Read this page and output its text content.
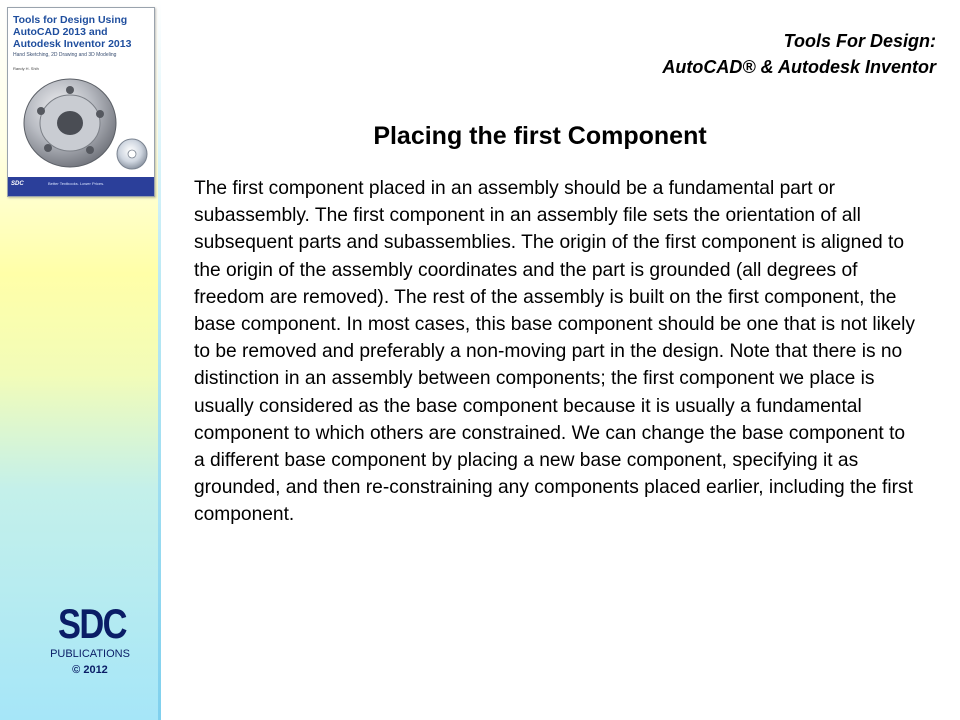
Tools for Design Using AutoCAD 2013 and Autodesk Inventor 2013
Hand Sketching, 2D Drawing and 3D Modeling
Randy H. Shih
SDC	Better Textbooks. Lower Prices.
SDC
PUBLICATIONS
© 2012
Tools For Design:
AutoCAD® & Autodesk Inventor
Placing the first Component

The first component placed in an assembly should be a fundamental part or subassembly. The first component in an assembly file sets the orientation of all subsequent parts and subassemblies. The origin of the first component is aligned to the origin of the assembly coordinates and the part is grounded (all degrees of freedom are removed). The rest of the assembly is built on the first component, the base component. In most cases, this base component should be one that is not likely to be removed and preferably a non-moving part in the design. Note that there is no distinction in an assembly between components; the first component we place is usually considered as the base component because it is usually a fundamental component to which others are constrained. We can change the base component to a different base component by placing a new base component, specifying it as grounded, and then re-constraining any components placed earlier, including the first component.
